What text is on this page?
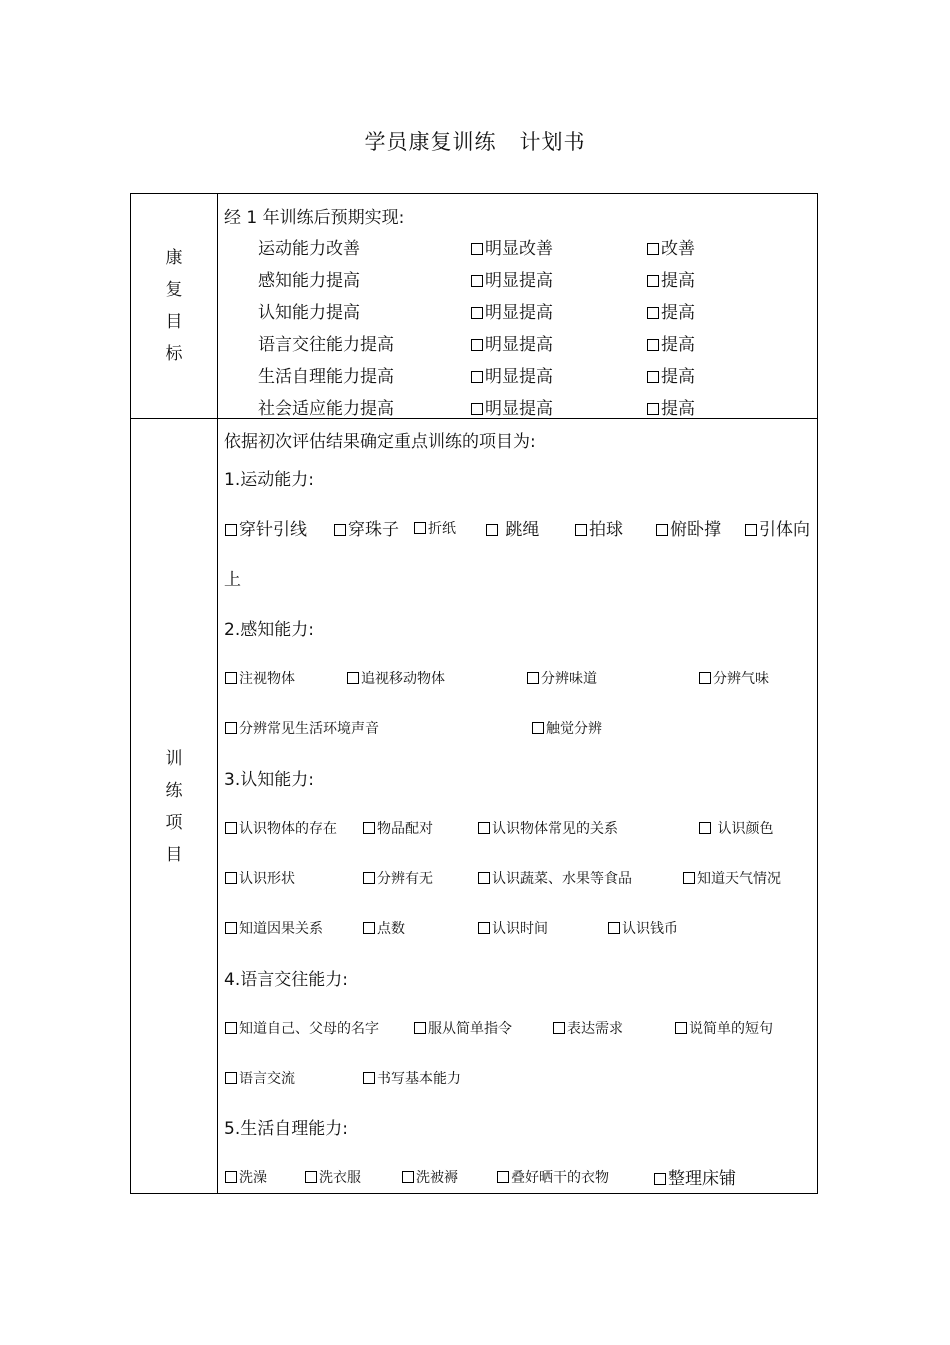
学员康复训练   计划书
康
复
目
标
经 1 年训练后预期实现:
运动能力改善	明显改善	改善
感知能力提高	明显提高	提高
认知能力提高	明显提高	提高
语言交往能力提高	明显提高	提高
生活自理能力提高	明显提高	提高
社会适应能力提高	明显提高	提高
训
练
项
目
依据初次评估结果确定重点训练的项目为:
1.运动能力:
穿针引线	穿珠子	折纸	跳绳	拍球	俯卧撑	引体向
上
2.感知能力:
注视物体	追视移动物体	分辨味道	分辨气味
分辨常见生活环境声音	触觉分辨
3.认知能力:
认识物体的存在	物品配对	认识物体常见的关系	认识颜色
认识形状	分辨有无	认识蔬菜、水果等食品	知道天气情况
知道因果关系	点数	认识时间	认识钱币
4.语言交往能力:
知道自己、父母的名字	服从简单指令	表达需求	说简单的短句
语言交流	书写基本能力
5.生活自理能力:
洗澡	洗衣服	洗被褥	叠好晒干的衣物	整理床铺
